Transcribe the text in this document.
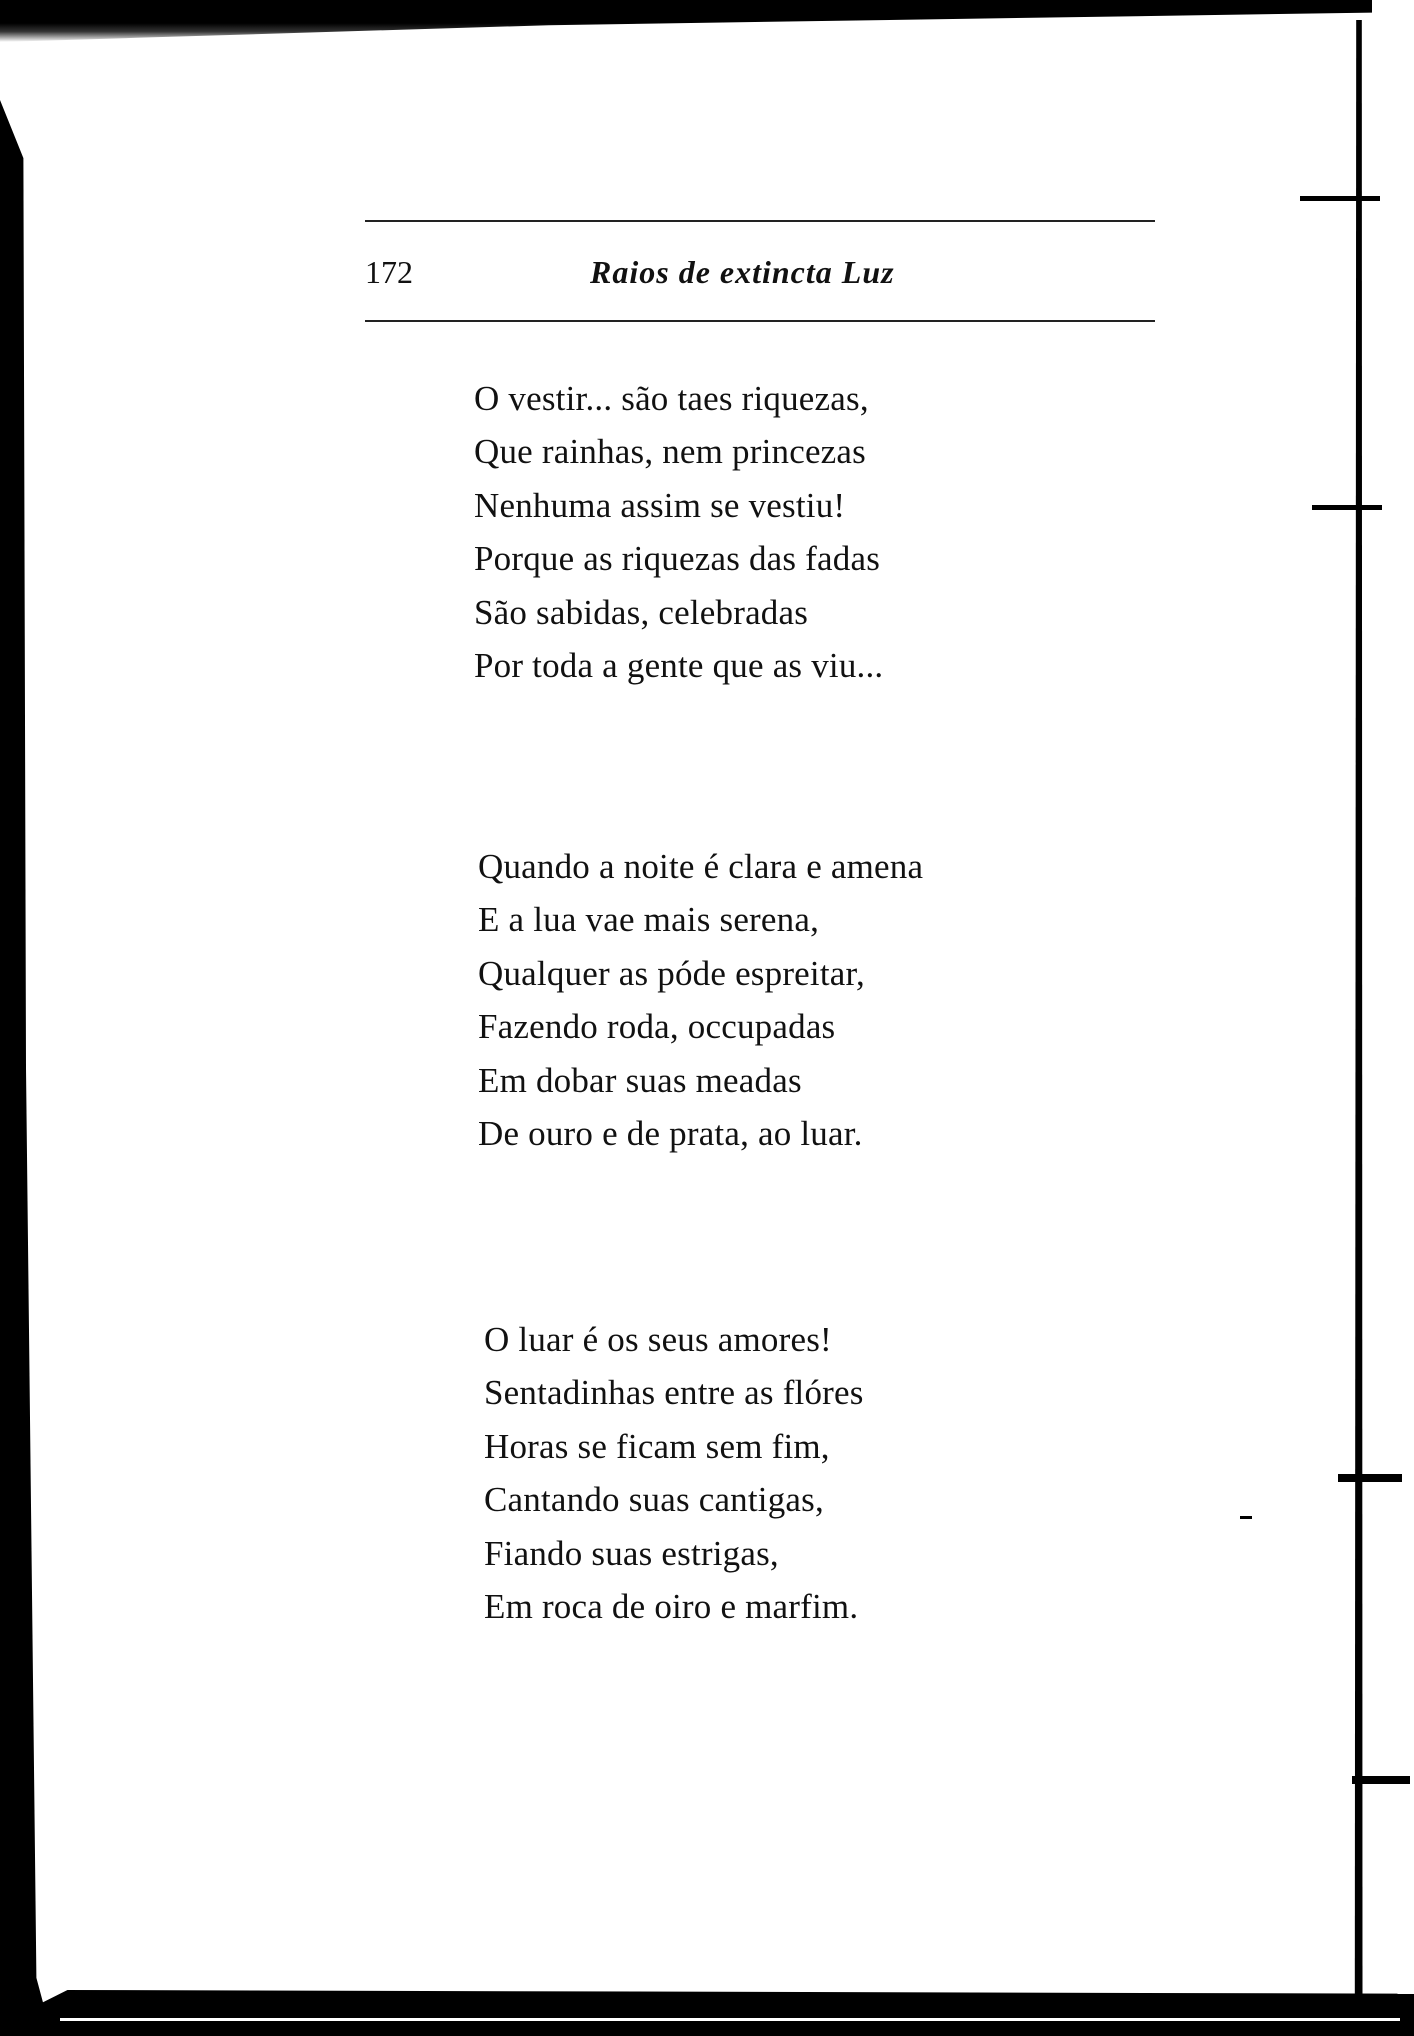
172	Raios de extincta Luz
O vestir... são taes riquezas,
Que rainhas, nem princezas
Nenhuma assim se vestiu!
Porque as riquezas das fadas
São sabidas, celebradas
Por toda a gente que as viu...
Quando a noite é clara e amena
E a lua vae mais serena,
Qualquer as póde espreitar,
Fazendo roda, occupadas
Em dobar suas meadas
De ouro e de prata, ao luar.
O luar é os seus amores!
Sentadinhas entre as flóres
Horas se ficam sem fim,
Cantando suas cantigas,
Fiando suas estrigas,
Em roca de oiro e marfim.
